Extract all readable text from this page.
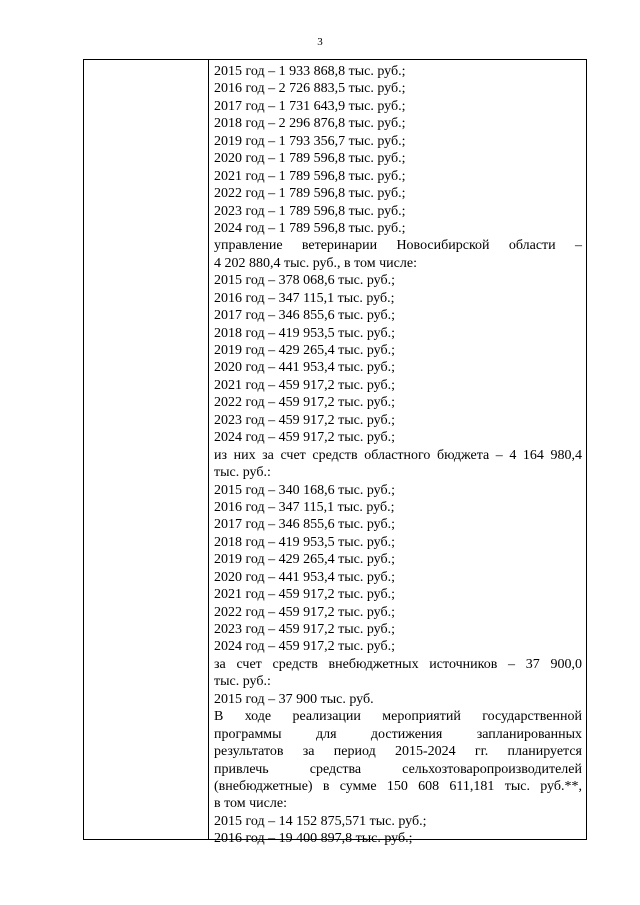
3
2015 год – 1 933 868,8 тыс. руб.;
2016 год – 2 726 883,5 тыс. руб.;
2017 год – 1 731 643,9 тыс. руб.;
2018 год – 2 296 876,8 тыс. руб.;
2019 год – 1 793 356,7 тыс. руб.;
2020 год – 1 789 596,8 тыс. руб.;
2021 год – 1 789 596,8 тыс. руб.;
2022 год – 1 789 596,8 тыс. руб.;
2023 год – 1 789 596,8 тыс. руб.;
2024 год – 1 789 596,8 тыс. руб.;
управление ветеринарии Новосибирской области –
4 202 880,4 тыс. руб., в том числе:
2015 год – 378 068,6 тыс. руб.;
2016 год – 347 115,1 тыс. руб.;
2017 год – 346 855,6 тыс. руб.;
2018 год – 419 953,5 тыс. руб.;
2019 год – 429 265,4 тыс. руб.;
2020 год – 441 953,4 тыс. руб.;
2021 год – 459 917,2 тыс. руб.;
2022 год – 459 917,2 тыс. руб.;
2023 год – 459 917,2 тыс. руб.;
2024 год – 459 917,2 тыс. руб.;
из них за счет средств областного бюджета – 4 164 980,4
тыс. руб.:
2015 год – 340 168,6 тыс. руб.;
2016 год – 347 115,1 тыс. руб.;
2017 год – 346 855,6 тыс. руб.;
2018 год – 419 953,5 тыс. руб.;
2019 год – 429 265,4 тыс. руб.;
2020 год – 441 953,4 тыс. руб.;
2021 год – 459 917,2 тыс. руб.;
2022 год – 459 917,2 тыс. руб.;
2023 год – 459 917,2 тыс. руб.;
2024 год – 459 917,2 тыс. руб.;
за счет средств внебюджетных источников – 37 900,0
тыс. руб.:
2015 год – 37 900 тыс. руб.
В ходе реализации мероприятий государственной
программы для достижения запланированных
результатов за период 2015-2024 гг. планируется
привлечь средства сельхозтоваропроизводителей
(внебюджетные) в сумме 150 608 611,181 тыс. руб.**,
в том числе:
2015 год – 14 152 875,571 тыс. руб.;
2016 год – 19 400 897,8 тыс. руб.;
